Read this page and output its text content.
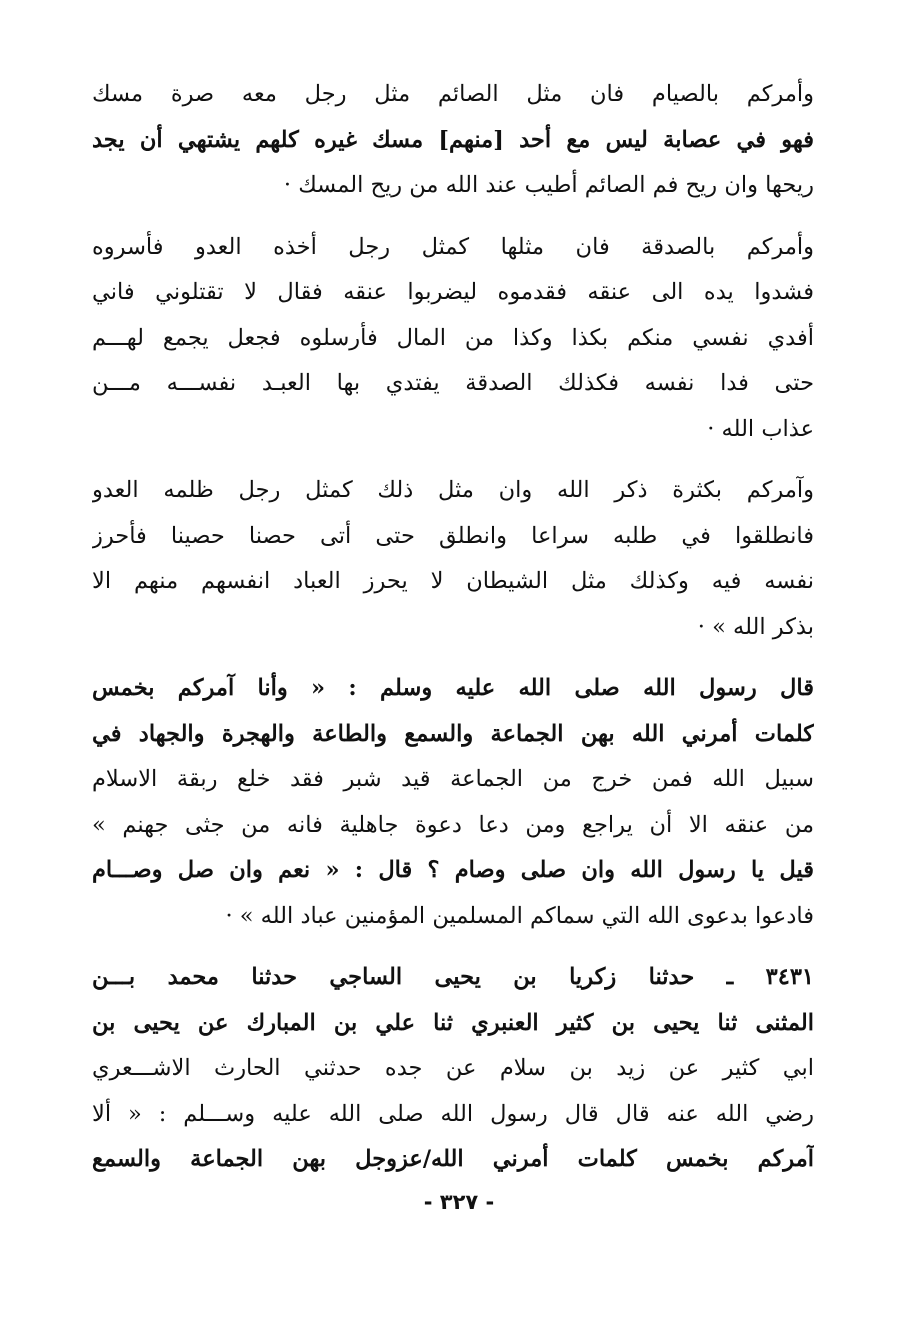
وأمركم بالصيام فان مثل الصائم مثل رجل معه صرة مسك
فهو في عصابة ليس مع أحد [منهم] مسك غيره كلهم يشتهي أن يجد
ريحها وان ريح فم الصائم أطيب عند الله من ريح المسك ·
وأمركم بالصدقة فان مثلها كمثل رجل أخذه العدو فأسروه
فشدوا يده الى عنقه فقدموه ليضربوا عنقه فقال لا تقتلوني فاني
أفدي نفسي منكم بكذا وكذا من المال فأرسلوه فجعل يجمع لهـــم
حتى فدا نفسه فكذلك الصدقة يفتدي بها العبـد نفســـه مـــن
عذاب الله ·
وآمركم بكثرة ذكر الله وان مثل ذلك كمثل رجل ظلمه العدو
فانطلقوا في طلبه سراعا وانطلق حتى أتى حصنا حصينا فأحرز
نفسه فيه وكذلك مثل الشيطان لا يحرز العباد انفسهم منهم الا
بذكر الله » ·
قال رسول الله صلى الله عليه وسلم : « وأنا آمركم بخمس
كلمات أمرني الله بهن الجماعة والسمع والطاعة والهجرة والجهاد في
سبيل الله فمن خرج من الجماعة قيد شبر فقد خلع ربقة الاسلام
من عنقه الا أن يراجع ومن دعا دعوة جاهلية فانه من جثى جهنم »
قيل يا رسول الله وان صلى وصام ؟ قال : « نعم وان صل وصـــام
فادعوا بدعوى الله التي سماكم المسلمين المؤمنين عباد الله » ·
٣٤٣١ ـ حدثنا زكريا بن يحيى الساجي حدثنا محمد بـــن
المثنى ثنا يحيى بن كثير العنبري ثنا علي بن المبارك عن يحيى بن
ابي كثير عن زيد بن سلام عن جده حدثني الحارث الاشـــعري
رضي الله عنه قال قال رسول الله صلى الله عليه وســـلم : « ألا
آمركم بخمس كلمات أمرني الله/عزوجل بهن الجماعة والسمع
- ٣٢٧ -
